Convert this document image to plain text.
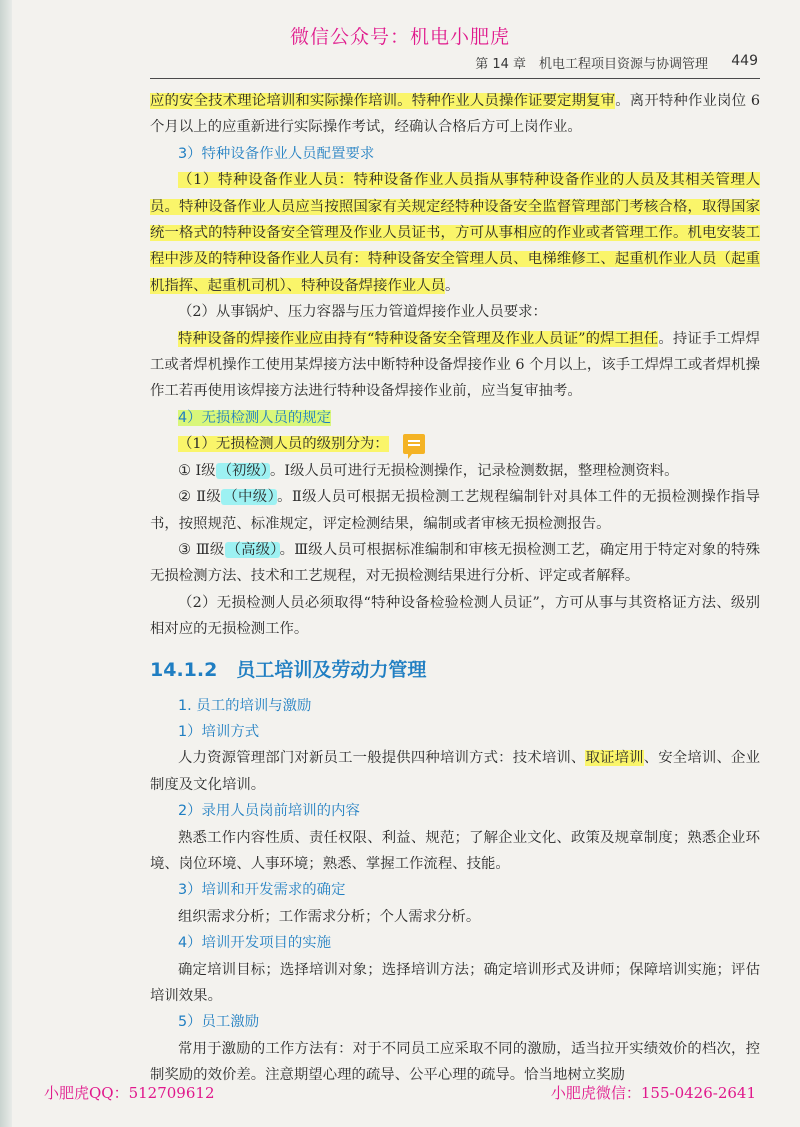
微信公众号：机电小肥虎
第 14 章　机电工程项目资源与协调管理 449

应的安全技术理论培训和实际操作培训。特种作业人员操作证要定期复审。离开特种作业岗位 6 个月以上的应重新进行实际操作考试，经确认合格后方可上岗作业。

3）特种设备作业人员配置要求

（1）特种设备作业人员：特种设备作业人员指从事特种设备作业的人员及其相关管理人员。特种设备作业人员应当按照国家有关规定经特种设备安全监督管理部门考核合格，取得国家统一格式的特种设备安全管理及作业人员证书，方可从事相应的作业或者管理工作。机电安装工程中涉及的特种设备作业人员有：特种设备安全管理人员、电梯维修工、起重机作业人员（起重机指挥、起重机司机）、特种设备焊接作业人员。

（2）从事锅炉、压力容器与压力管道焊接作业人员要求：

特种设备的焊接作业应由持有“特种设备安全管理及作业人员证”的焊工担任。持证手工焊焊工或者焊机操作工使用某焊接方法中断特种设备焊接作业 6 个月以上，该手工焊焊工或者焊机操作工若再使用该焊接方法进行特种设备焊接作业前，应当复审抽考。

4）无损检测人员的规定

（1）无损检测人员的级别分为：

① Ⅰ级 （初级） 。Ⅰ级人员可进行无损检测操作，记录检测数据，整理检测资料。

② Ⅱ级 （中级） 。Ⅱ级人员可根据无损检测工艺规程编制针对具体工件的无损检测操作指导书，按照规范、标准规定，评定检测结果，编制或者审核无损检测报告。

③ Ⅲ级 （高级） 。Ⅲ级人员可根据标准编制和审核无损检测工艺，确定用于特定对象的特殊无损检测方法、技术和工艺规程，对无损检测结果进行分析、评定或者解释。

（2）无损检测人员必须取得“特种设备检验检测人员证”，方可从事与其资格证方法、级别相对应的无损检测工作。

14.1.2　员工培训及劳动力管理
1. 员工的培训与激励
1）培训方式

人力资源管理部门对新员工一般提供四种培训方式：技术培训、取证培训、安全培训、企业制度及文化培训。

2）录用人员岗前培训的内容

熟悉工作内容性质、责任权限、利益、规范；了解企业文化、政策及规章制度；熟悉企业环境、岗位环境、人事环境；熟悉、掌握工作流程、技能。

3）培训和开发需求的确定

组织需求分析；工作需求分析；个人需求分析。

4）培训开发项目的实施

确定培训目标；选择培训对象；选择培训方法；确定培训形式及讲师；保障培训实施；评估培训效果。

5）员工激励

常用于激励的工作方法有：对于不同员工应采取不同的激励，适当拉开实绩效价的档次，控制奖励的效价差。注意期望心理的疏导、公平心理的疏导。恰当地树立奖励

小肥虎QQ：512709612	小肥虎微信：155-0426-2641
